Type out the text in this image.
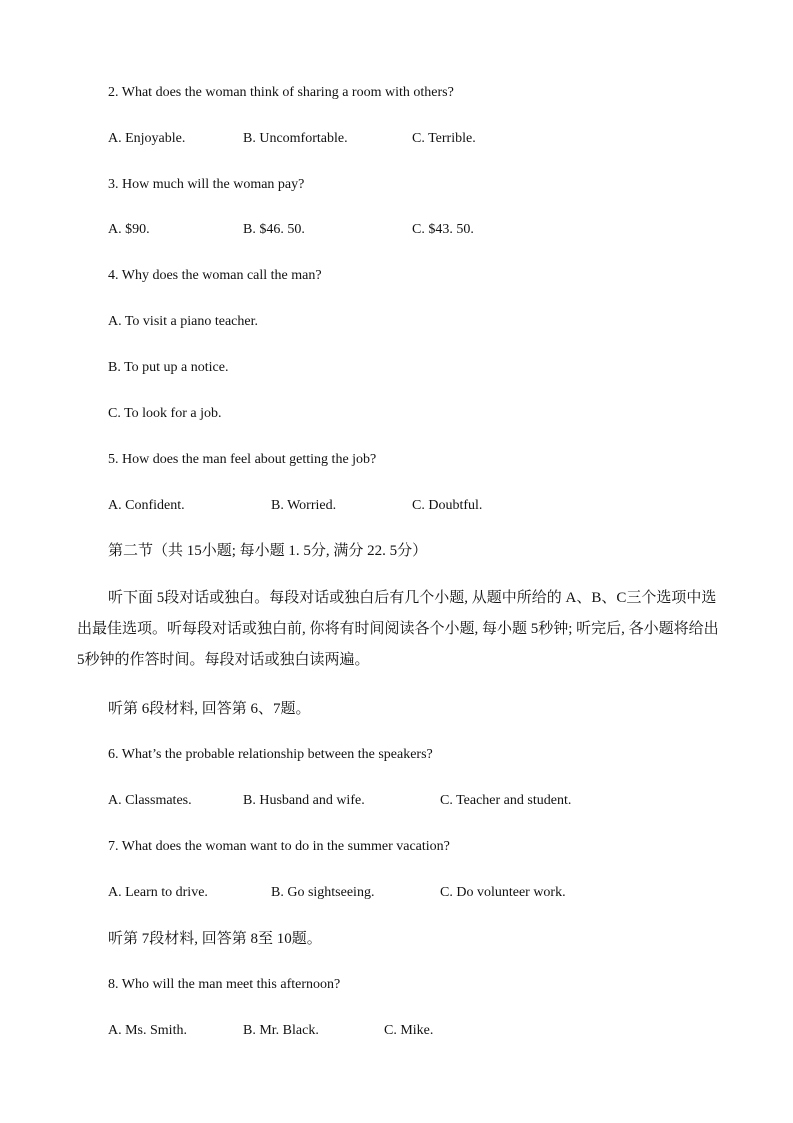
2. What does the woman think of sharing a room with others?
A. Enjoyable.	B. Uncomfortable.	C. Terrible.
3. How much will the woman pay?
A. $90.	B. $46. 50.	C. $43. 50.
4. Why does the woman call the man?
A. To visit a piano teacher.
B. To put up a notice.
C. To look for a job.
5. How does the man feel about getting the job?
A. Confident.	B. Worried.	C. Doubtful.
第二节（共 15小题; 每小题 1. 5分, 满分 22. 5分）
听下面 5段对话或独白。每段对话或独白后有几个小题, 从题中所给的 A、B、C三个选项中选出最佳选项。听每段对话或独白前, 你将有时间阅读各个小题, 每小题 5秒钟; 听完后, 各小题将给出 5秒钟的作答时间。每段对话或独白读两遍。
听第 6段材料, 回答第 6、7题。
6. What’s the probable relationship between the speakers?
A. Classmates.	B. Husband and wife.	C. Teacher and student.
7. What does the woman want to do in the summer vacation?
A. Learn to drive.	B. Go sightseeing.	C. Do volunteer work.
听第 7段材料, 回答第 8至 10题。
8. Who will the man meet this afternoon?
A. Ms. Smith.	B. Mr. Black.	C. Mike.
